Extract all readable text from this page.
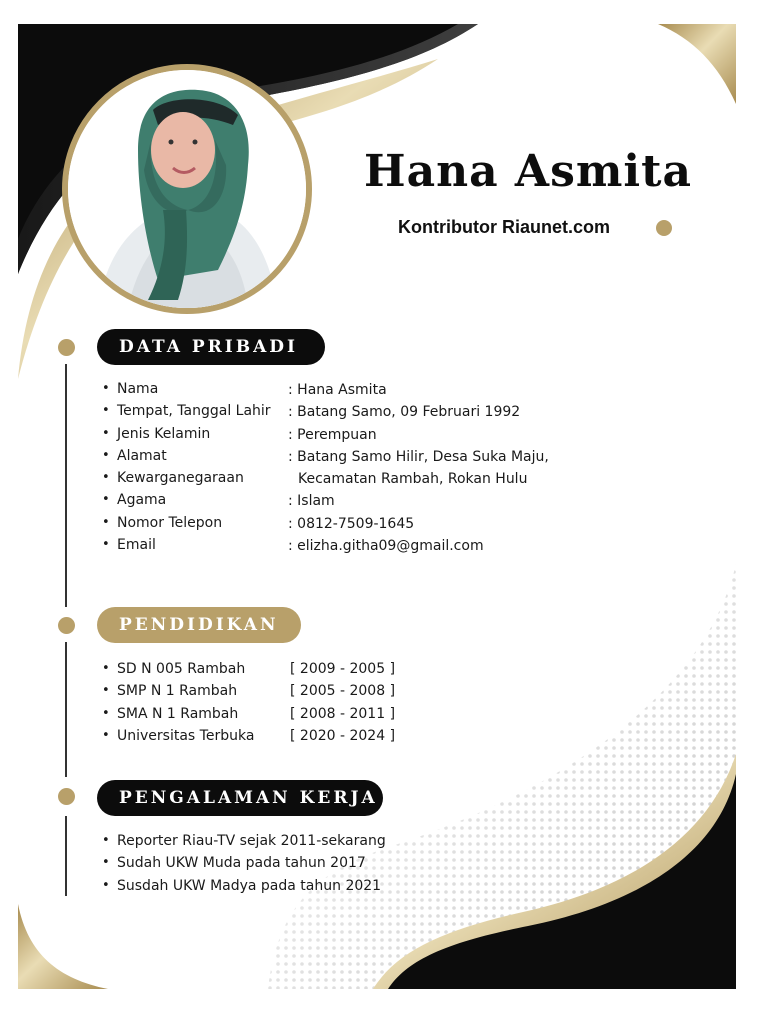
Hana Asmita
Kontributor Riaunet.com
DATA PRIBADI
• Nama
• Tempat, Tanggal Lahir
• Jenis Kelamin
• Alamat
• Kewarganegaraan
• Agama
• Nomor Telepon
• Email
: Hana Asmita
: Batang Samo, 09 Februari 1992
: Perempuan
: Batang Samo Hilir, Desa Suka Maju,
Kecamatan Rambah, Rokan Hulu
: Islam
: 0812-7509-1645
: elizha.githa09@gmail.com
PENDIDIKAN
• SD N 005 Rambah
• SMP N 1 Rambah
• SMA N 1 Rambah
• Universitas Terbuka
[ 2009 - 2005 ]
[ 2005 - 2008 ]
[ 2008 - 2011 ]
[ 2020 - 2024 ]
PENGALAMAN KERJA
• Reporter Riau-TV sejak 2011-sekarang
• Sudah UKW Muda pada tahun 2017
• Susdah UKW Madya pada tahun 2021
